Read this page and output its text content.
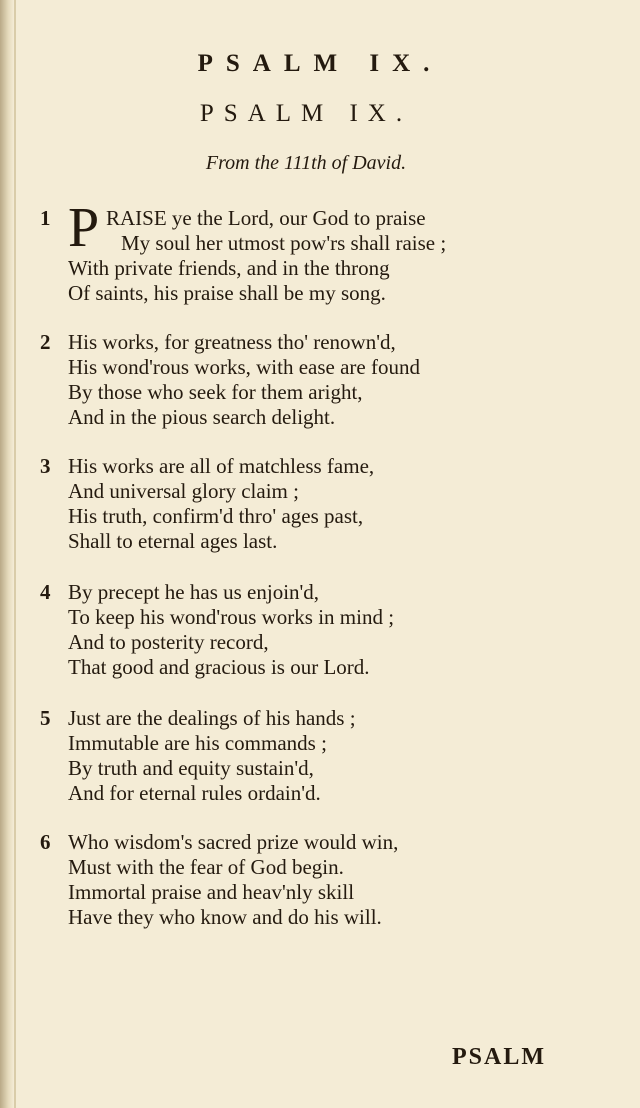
PSALM IX.
PSALM IX.
From the 111th of David.
1 P RAISE ye the Lord, our God to praise
My soul her utmost pow'rs shall raise ;
With private friends, and in the throng
Of saints, his praise shall be my song.
2 His works, for greatness tho' renown'd,
His wond'rous works, with ease are found
By those who seek for them aright,
And in the pious search delight.
3 His works are all of matchless fame,
And universal glory claim ;
His truth, confirm'd thro' ages past,
Shall to eternal ages last.
4 By precept he has us enjoin'd,
To keep his wond'rous works in mind ;
And to posterity record,
That good and gracious is our Lord.
5 Just are the dealings of his hands ;
Immutable are his commands ;
By truth and equity sustain'd,
And for eternal rules ordain'd.
6 Who wisdom's sacred prize would win,
Must with the fear of God begin.
Immortal praise and heav'nly skill
Have they who know and do his will.
PSALM
